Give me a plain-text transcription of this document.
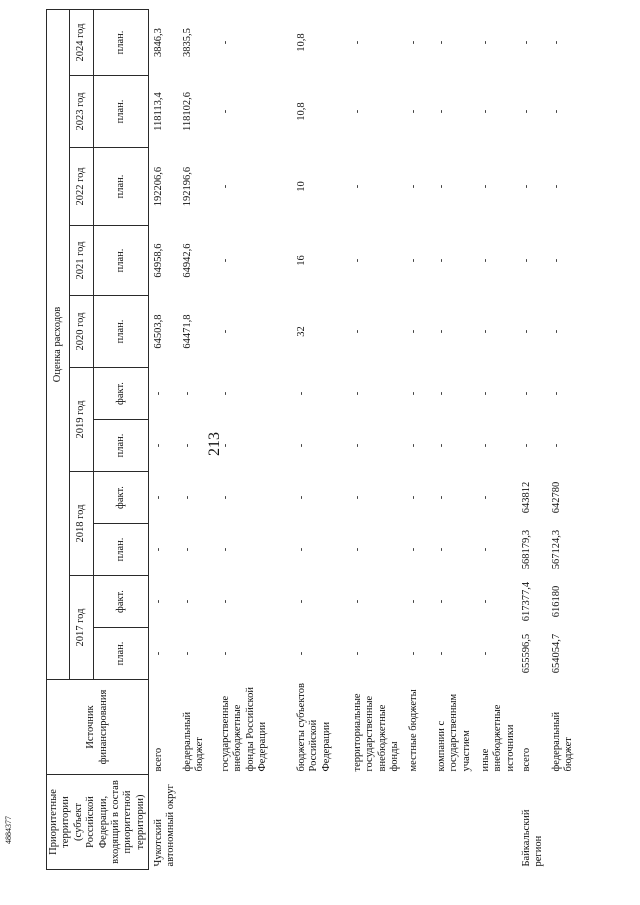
213
4884377	Приоритетные территории (субъект Российской Федерации, входящий в состав приоритетной территории)	Источник финансирования	Оценка расходов										
		2017 год		2018 год		2019 год		2020 год	2021 год	2022 год	2023 год	2024 год
		план.	факт.	план.	факт.	план.	факт.	план.	план.	план.	план.	план.
Чукотский автономный округ	всего	-	-	-	-	-	-	64503,8	64958,6	192206,6	118113,4	3846,3
	федеральный бюджет	-	-	-	-	-	-	64471,8	64942,6	192196,6	118102,6	3835,5
	государственные внебюджетные фонды Российской Федерации	-	-	-	-	-	-	-	-	-	-	-
	бюджеты субъектов Российской Федерации	-	-	-	-	-	-	32	16	10	10,8	10,8
	территориальные государственные внебюджетные фонды	-	-	-	-	-	-	-	-	-	-	-
	местные бюджеты	-	-	-	-	-	-	-	-	-	-	-
	компании с государственным участием	-	-	-	-	-	-	-	-	-	-	-
	иные внебюджетные источники	-	-	-	-	-	-	-	-	-	-	-
Байкальский регион	всего	655596,5	617377,4	568179,3	643812	-	-	-	-	-	-	-
	федеральный бюджет	654054,7	616180	567124,3	642780	-	-	-	-	-	-	-
